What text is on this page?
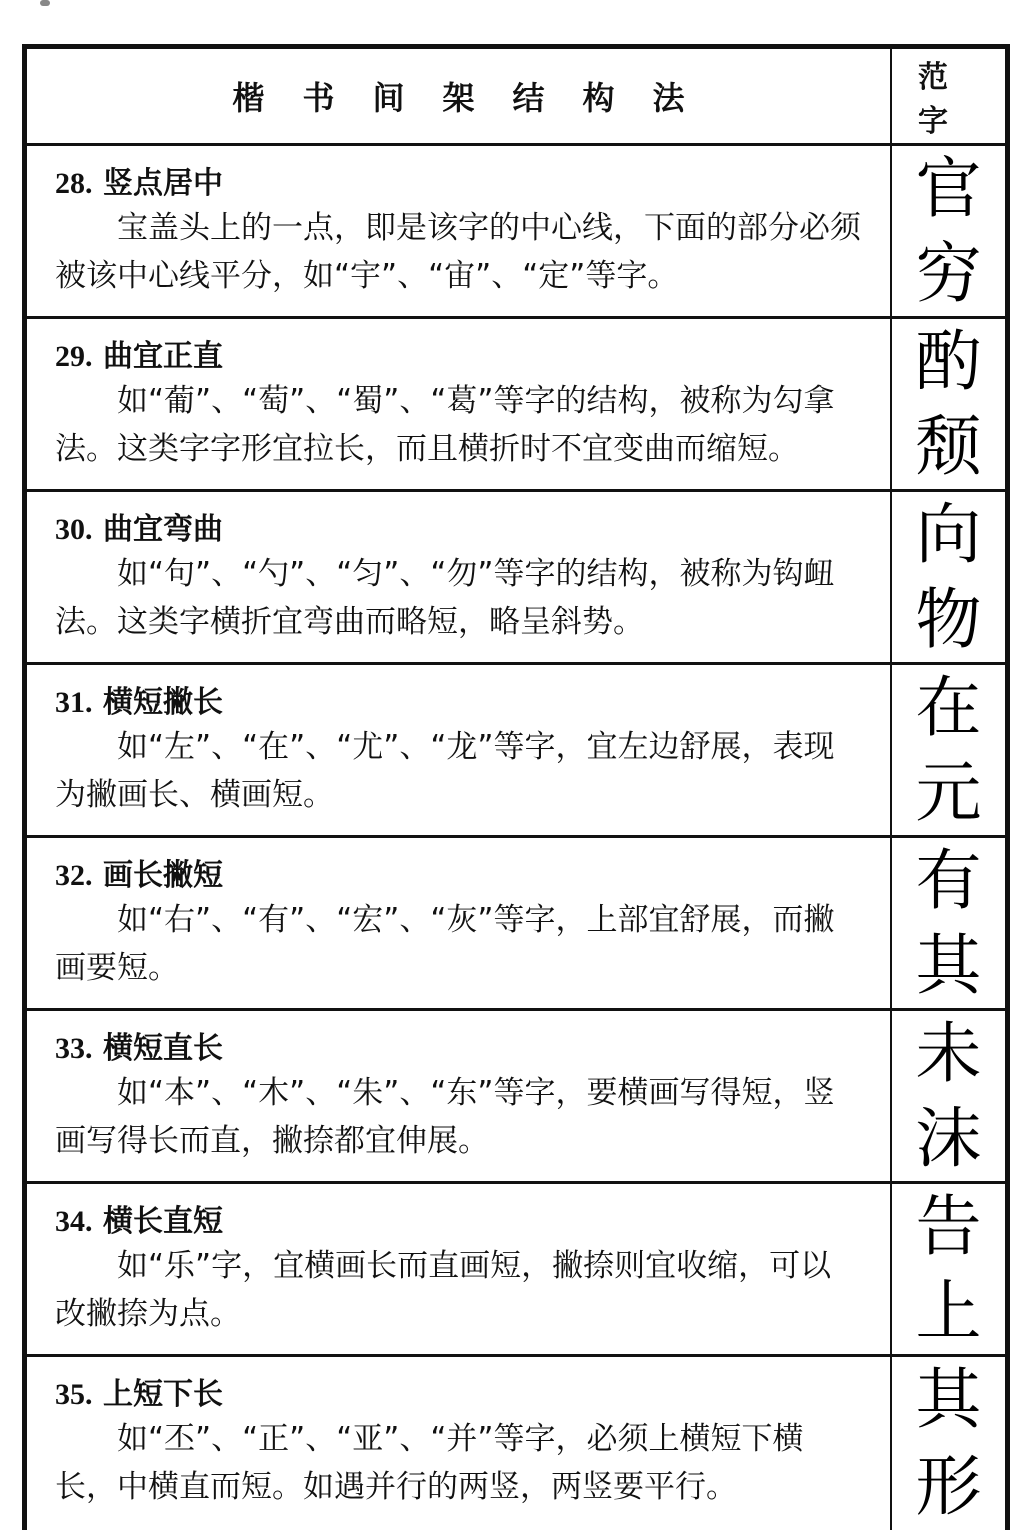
楷书间架结构法
范字
28. 竖点居中
宝盖头上的一点，即是该字的中心线，下面的部分必须被该中心线平分，如“宇”、“宙”、“定”等字。
官
穷
29. 曲宜正直
如“葡”、“萄”、“蜀”、“葛”等字的结构，被称为勾拿法。这类字字形宜拉长，而且横折时不宜变曲而缩短。
酌
颓
30. 曲宜弯曲
如“句”、“勺”、“匀”、“勿”等字的结构，被称为钩衄法。这类字横折宜弯曲而略短，略呈斜势。
向
物
31. 横短撇长
如“左”、“在”、“尤”、“龙”等字，宜左边舒展，表现为撇画长、横画短。
在
元
32. 画长撇短
如“右”、“有”、“宏”、“灰”等字，上部宜舒展，而撇画要短。
有
其
33. 横短直长
如“本”、“木”、“朱”、“东”等字，要横画写得短，竖画写得长而直，撇捺都宜伸展。
未
沫
34. 横长直短
如“乐”字，宜横画长而直画短，撇捺则宜收缩，可以改撇捺为点。
告
上
35. 上短下长
如“丕”、“正”、“亚”、“并”等字，必须上横短下横长，中横直而短。如遇并行的两竖，两竖要平行。
其
形
